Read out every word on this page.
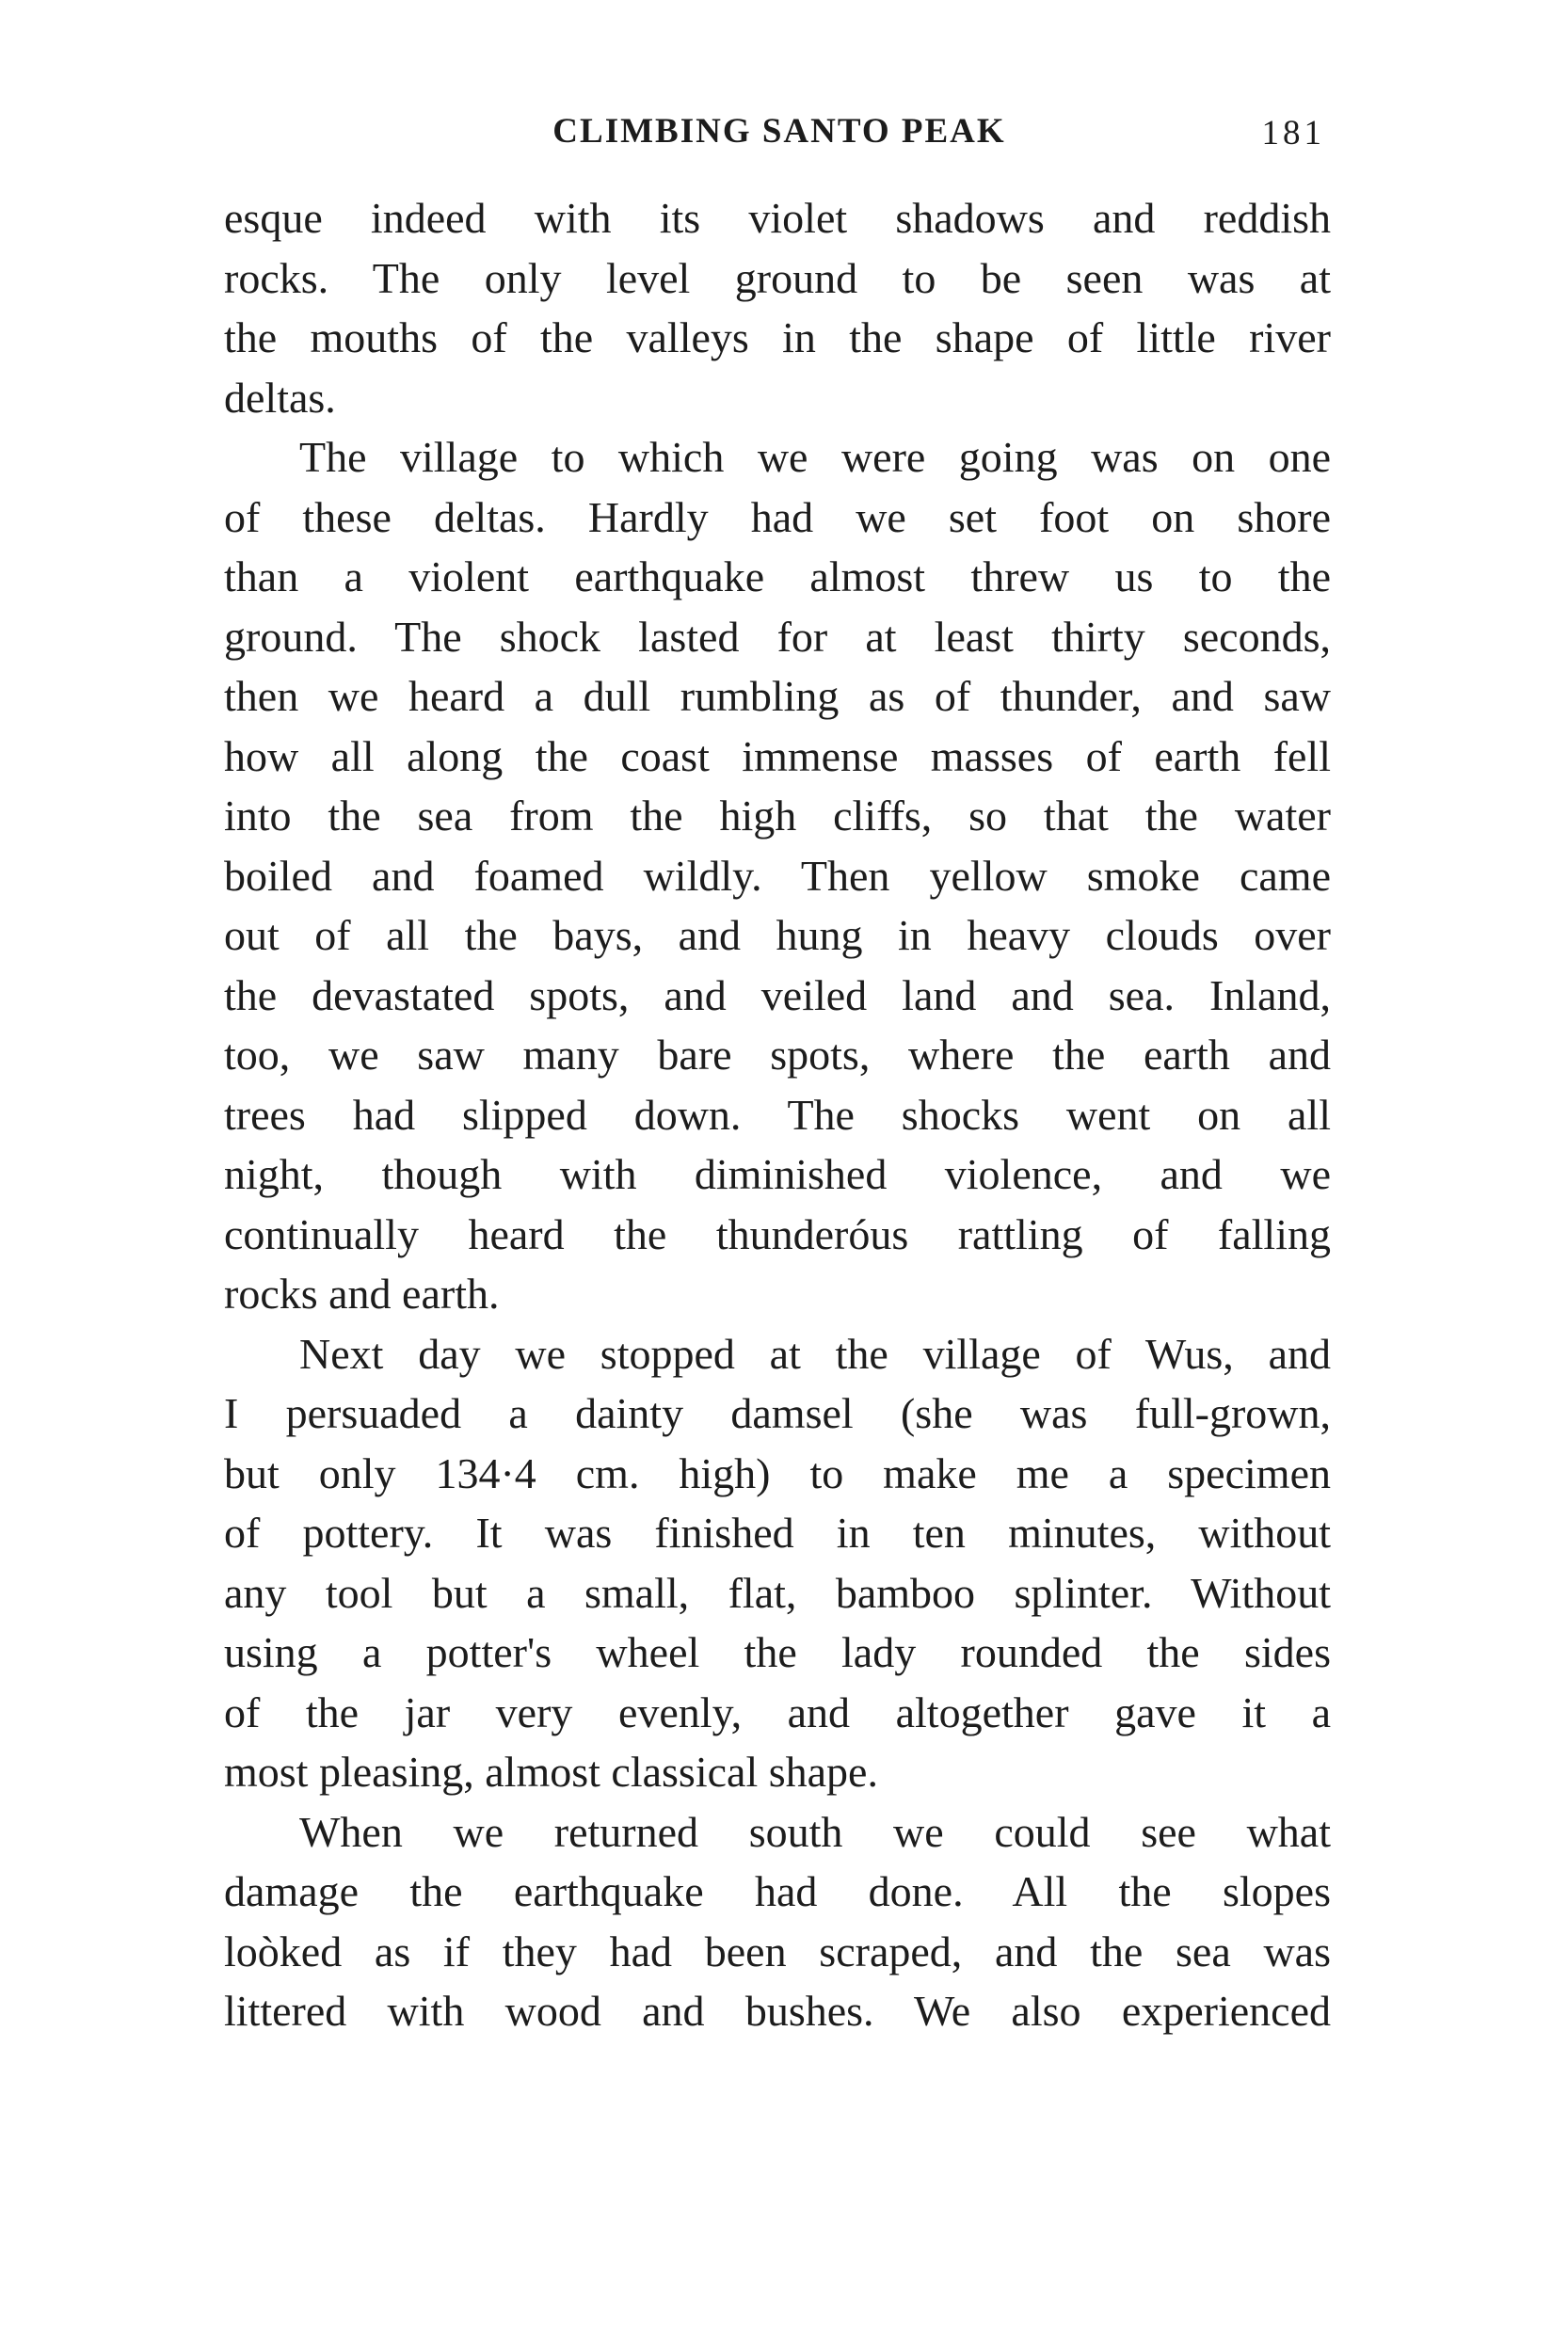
CLIMBING SANTO PEAK	181
esque indeed with its violet shadows and reddish
rocks. The only level ground to be seen was at
the mouths of the valleys in the shape of little river
deltas.
The village to which we were going was on one
of these deltas. Hardly had we set foot on shore
than a violent earthquake almost threw us to the
ground. The shock lasted for at least thirty seconds,
then we heard a dull rumbling as of thunder, and saw
how all along the coast immense masses of earth fell
into the sea from the high cliffs, so that the water
boiled and foamed wildly. Then yellow smoke came
out of all the bays, and hung in heavy clouds over
the devastated spots, and veiled land and sea. Inland,
too, we saw many bare spots, where the earth and
trees had slipped down. The shocks went on all
night, though with diminished violence, and we
continually heard the thunderóus rattling of falling
rocks and earth.
Next day we stopped at the village of Wus, and
I persuaded a dainty damsel (she was full-grown,
but only 134·4 cm. high) to make me a specimen
of pottery. It was finished in ten minutes, without
any tool but a small, flat, bamboo splinter. Without
using a potter's wheel the lady rounded the sides
of the jar very evenly, and altogether gave it a
most pleasing, almost classical shape.
When we returned south we could see what
damage the earthquake had done. All the slopes
loòked as if they had been scraped, and the sea was
littered with wood and bushes. We also experienced
